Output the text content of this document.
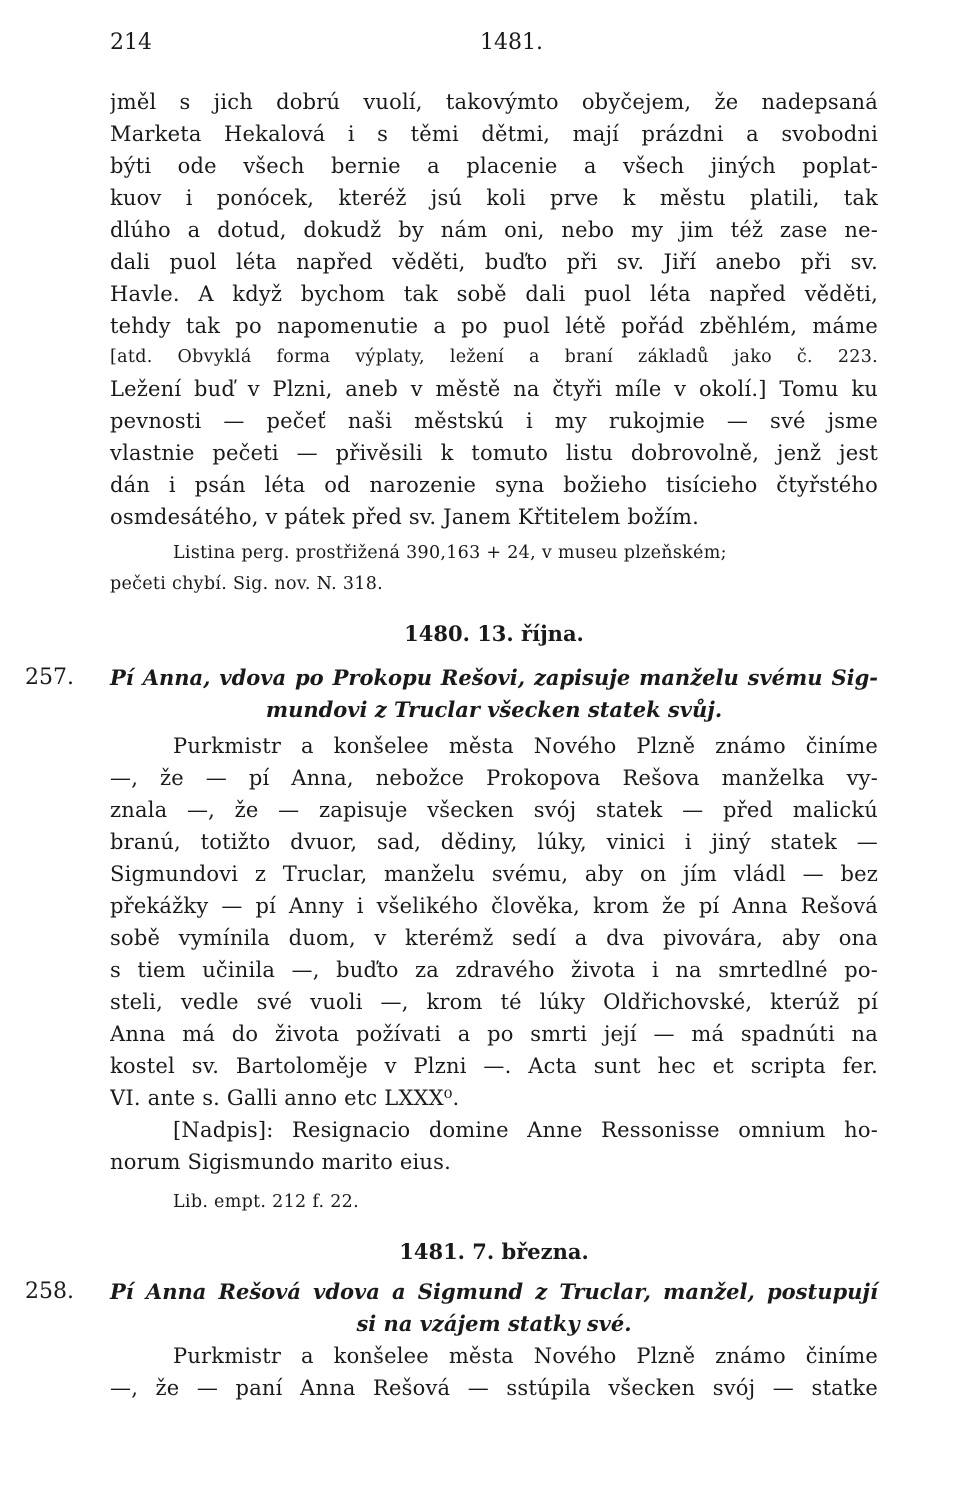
214	1481.
jměl s jich dobrú vuolí, takovýmto obyčejem, že nadepsaná
Marketa Hekalová i s těmi dětmi, mají prázdni a svobodni
býti ode všech bernie a placenie a všech jiných poplat-
kuov i ponócek, kteréž jsú koli prve k městu platili, tak
dlúho a dotud, dokudž by nám oni, nebo my jim též zase ne-
dali puol léta napřed věděti, buďto při sv. Jiří anebo při sv.
Havle. A když bychom tak sobě dali puol léta napřed věděti,
tehdy tak po napomenutie a po puol létě pořád zběhlém, máme
[atd. Obvyklá forma výplaty, ležení a braní základů jako č. 223.
Ležení buď v Plzni, aneb v městě na čtyři míle v okolí.] Tomu ku
pevnosti — pečeť naši městskú i my rukojmie — své jsme
vlastnie pečeti — přivěsili k tomuto listu dobrovolně, jenž jest
dán i psán léta od narozenie syna božieho tisícieho čtyřstého
osmdesátého, v pátek před sv. Janem Křtitelem božím.
Listina perg. prostřižená 390,163 + 24, v museu plzeňském;
pečeti chybí. Sig. nov. N. 318.
1480. 13. října.
257. Pí Anna, vdova po Prokopu Rešovi, zapisuje manželu svému Sig-
mundovi z Truclar všecken statek svůj.
Purkmistr a konšelee města Nového Plzně známo činíme
—, že — pí Anna, nebožce Prokopova Rešova manželka vy-
znala —, že — zapisuje všecken svój statek — před malickú
branú, totižto dvuor, sad, dědiny, lúky, vinici i jiný statek —
Sigmundovi z Truclar, manželu svému, aby on jím vládl — bez
překážky — pí Anny i všelikého člověka, krom že pí Anna Rešová
sobě vymínila duom, v kterémž sedí a dva pivovára, aby ona
s tiem učinila —, buďto za zdravého života i na smrtedlné po-
steli, vedle své vuoli —, krom té lúky Oldřichovské, kterúž pí
Anna má do života požívati a po smrti její — má spadnúti na
kostel sv. Bartoloměje v Plzni —. Acta sunt hec et scripta fer.
VI. ante s. Galli anno etc LXXX⁰.
[Nadpis]: Resignacio domine Anne Ressonisse omnium ho-
norum Sigismundo marito eius.
Lib. empt. 212 f. 22.
1481. 7. března.
258. Pí Anna Rešová vdova a Sigmund z Truclar, manžel, postupují
si na vzájem statky své.
Purkmistr a konšelee města Nového Plzně známo činíme
—, že — paní Anna Rešová — sstúpila všecken svój — statke
